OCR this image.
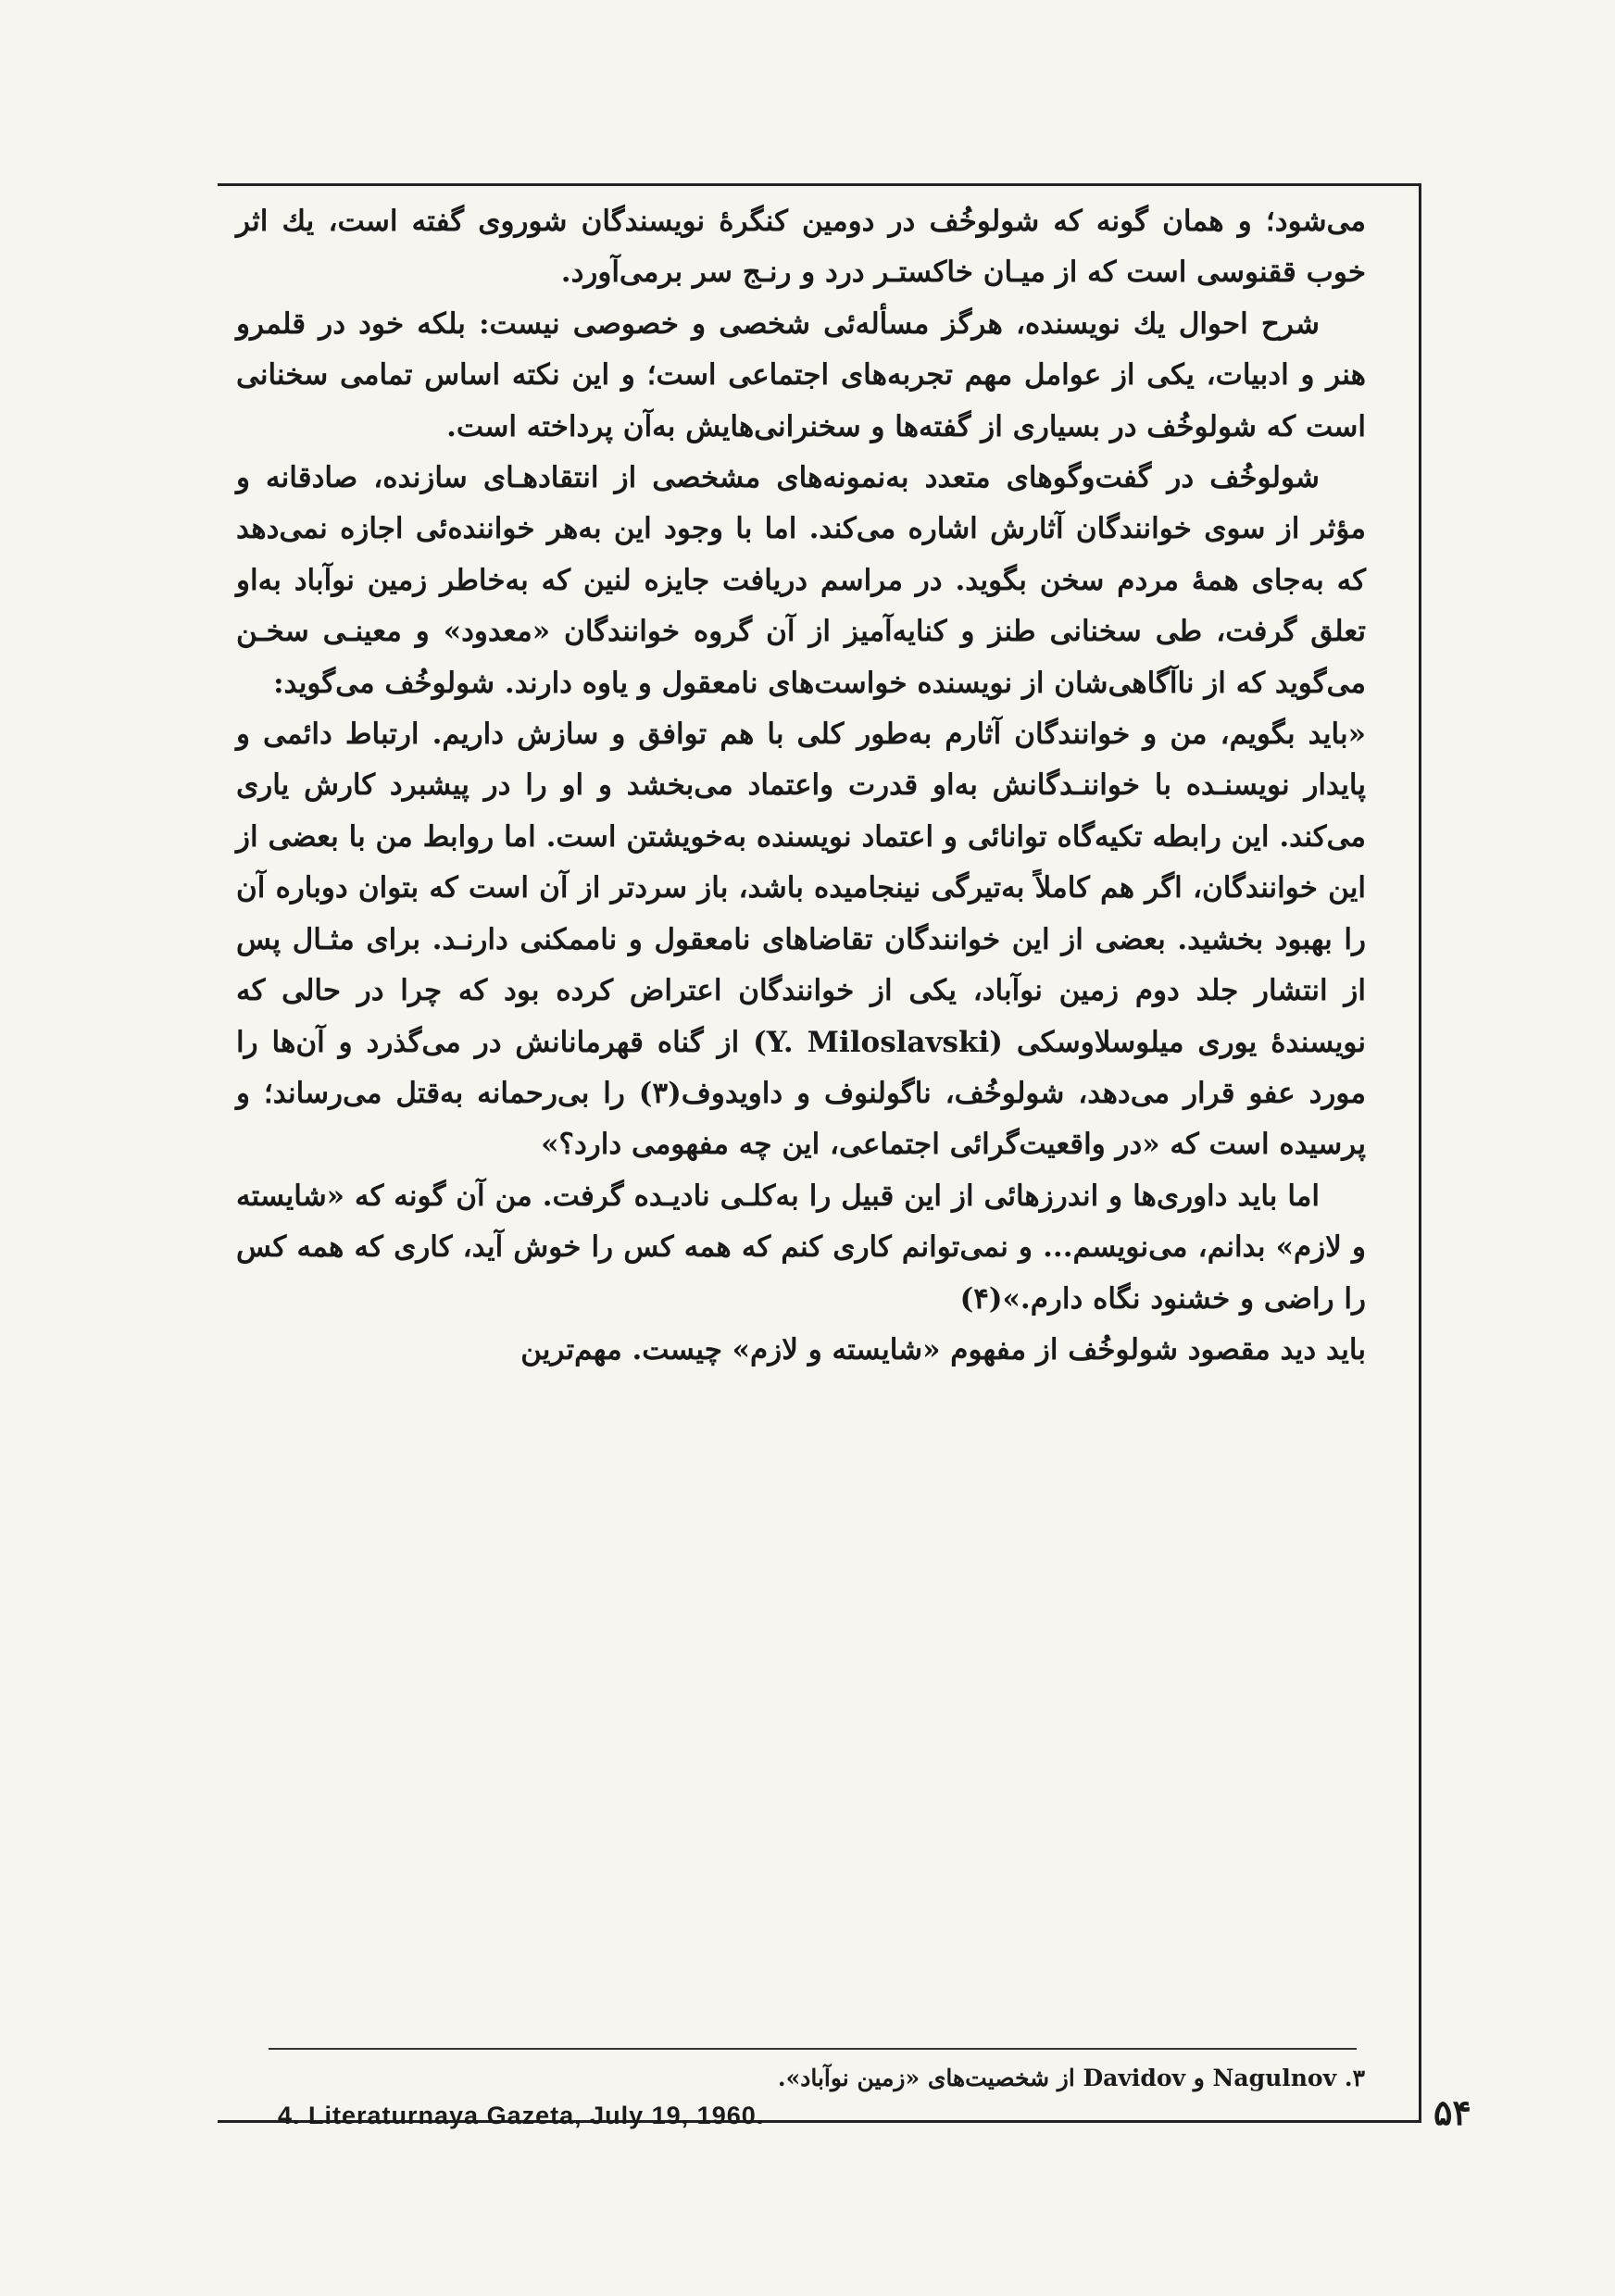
می‌شود؛ و همان گونه که شولوخُف در دومین کنگرهٔ نویسندگان شوروی گفته است، یك اثر خوب ققنوسی است که از میـان خاکستـر درد و رنـج سر برمی‌آورد.

شرح احوال یك نویسنده، هرگز مسأله‌ئی شخصی و خصوصی نیست: بلکه خود در قلمرو هنر و ادبیات، یکی از عوامل مهم تجربه‌های اجتماعی است؛ و این نکته اساس تمامی سخنانی است که شولوخُف در بسیاری از گفته‌ها و سخنرانی‌هایش به‌آن پرداخته است.

شولوخُف در گفت‌وگوهای متعدد به‌نمونه‌های مشخصی از انتقادهـای سازنده، صادقانه و مؤثر از سوی خوانندگان آثارش اشاره می‌کند. اما با وجود این به‌هر خواننده‌ئی اجازه نمی‌دهد که به‌جای همهٔ مردم سخن بگوید. در مراسم دریافت جایزه لنین که به‌خاطر زمین نوآباد به‌او تعلق گرفت، طی سخنانی طنز و کنایه‌آمیز از آن گروه خوانندگان «معدود» و معینـی سخـن می‌گوید که از ناآگاهی‌شان از نویسنده خواست‌های نامعقول و یاوه دارند. شولوخُف می‌گوید:

«باید بگویم، من و خوانندگان آثارم به‌طور کلی با هم توافق و سازش داریم. ارتباط دائمی و پایدار نویسنـده با خواننـدگانش به‌او قدرت واعتماد می‌بخشد و او را در پیشبرد کارش یاری می‌کند. این رابطه تکیه‌گاه توانائی و اعتماد نویسنده به‌خویشتن است. اما روابط من با بعضی از این خوانندگان، اگر هم کاملاً به‌تیرگی نینجامیده باشد، باز سردتر از آن است که بتوان دوباره آن را بهبود بخشید. بعضی از این خوانندگان تقاضاهای نامعقول و ناممکنی دارنـد. برای مثـال پس از انتشار جلد دوم زمین نوآباد، یکی از خوانندگان اعتراض کرده بود که چرا در حالی که نویسندهٔ یوری میلوسلاوسکی (Y. Miloslavski) از گناه قهرمانانش در می‌گذرد و آن‌ها را مورد عفو قرار می‌دهد، شولوخُف، ناگولنوف و داویدوف(۳) را بی‌رحمانه به‌قتل می‌رساند؛ و پرسیده است که «در واقعیت‌گرائی اجتماعی، این چه مفهومی دارد؟»

اما باید داوری‌ها و اندرزهائی از این قبیل را به‌کلـی نادیـده گرفت. من آن گونه که «شایسته و لازم» بدانم، می‌نویسم... و نمی‌توانم کاری کنم که همه کس را خوش آید، کاری که همه کس را راضی و خشنود نگاه دارم.»(۴)

باید دید مقصود شولوخُف از مفهوم «شایسته و لازم» چیست. مهم‌ترین

۳. Nagulnov و Davidov از شخصیت‌های «زمین نوآباد».
4. Literaturnaya Gazeta, July 19, 1960.	۵۴
